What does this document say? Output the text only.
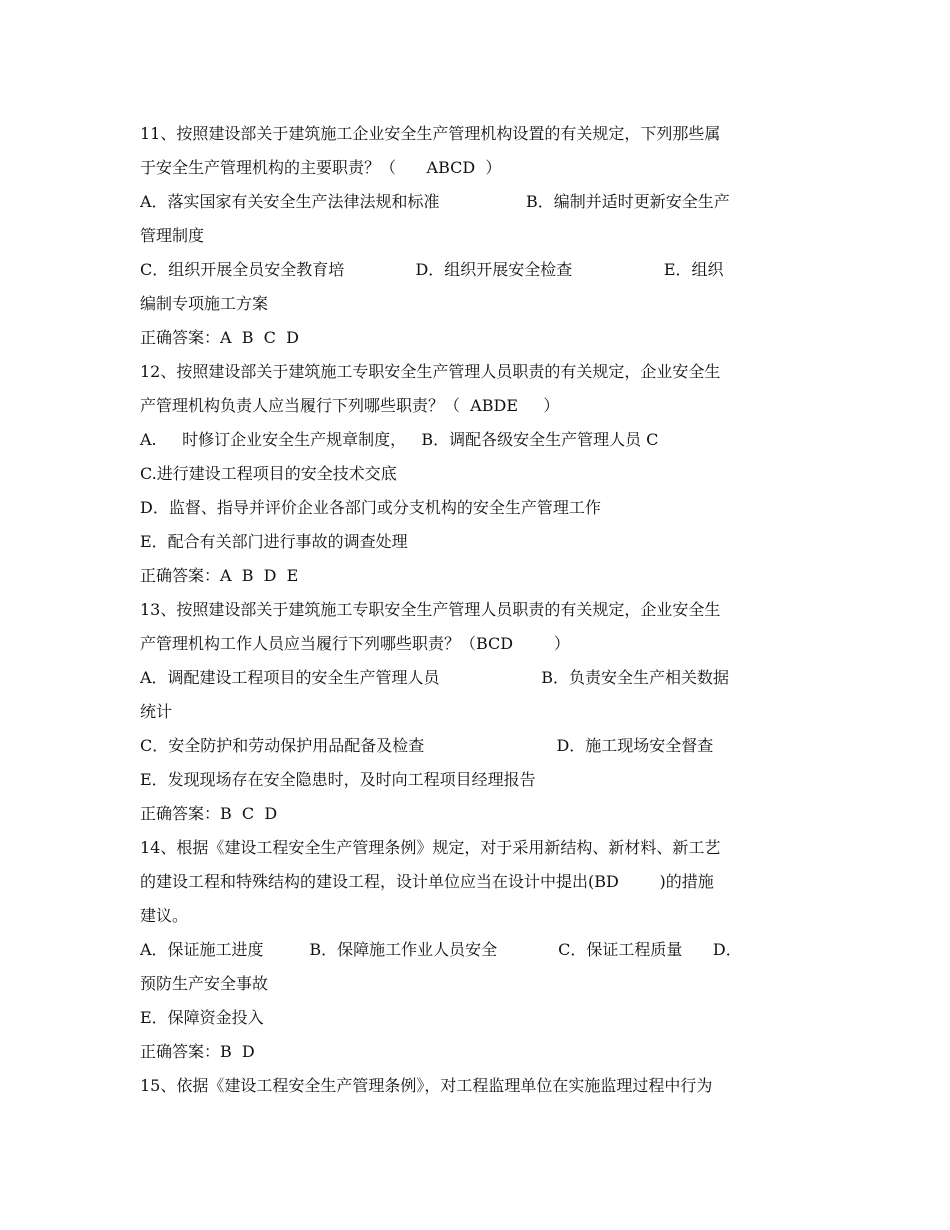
11、按照建设部关于建筑施工企业安全生产管理机构设置的有关规定，下列那些属
于安全生产管理机构的主要职责？（      ABCD  ）
A．落实国家有关安全生产法律法规和标准                 B．编制并适时更新安全生产
管理制度
C．组织开展全员安全教育培              D．组织开展安全检查                  E．组织
编制专项施工方案
正确答案：A  B  C  D
12、按照建设部关于建筑施工专职安全生产管理人员职责的有关规定，企业安全生
产管理机构负责人应当履行下列哪些职责？（  ABDE     ）
A.     时修订企业安全生产规章制度，   B．调配各级安全生产管理人员 C
C.进行建设工程项目的安全技术交底
D．监督、指导并评价企业各部门或分支机构的安全生产管理工作
E．配合有关部门进行事故的调查处理
正确答案：A  B  D  E
13、按照建设部关于建筑施工专职安全生产管理人员职责的有关规定，企业安全生
产管理机构工作人员应当履行下列哪些职责？（BCD        ）
A．调配建设工程项目的安全生产管理人员                    B．负责安全生产相关数据
统计
C．安全防护和劳动保护用品配备及检查                          D．施工现场安全督查
E．发现现场存在安全隐患时，及时向工程项目经理报告
正确答案：B  C  D
14、根据《建设工程安全生产管理条例》规定，对于采用新结构、新材料、新工艺
的建设工程和特殊结构的建设工程，设计单位应当在设计中提出(BD        )的措施
建议。
A．保证施工进度         B．保障施工作业人员安全            C．保证工程质量      D．
预防生产安全事故
E．保障资金投入
正确答案：B  D
15、依据《建设工程安全生产管理条例》，对工程监理单位在实施监理过程中行为
